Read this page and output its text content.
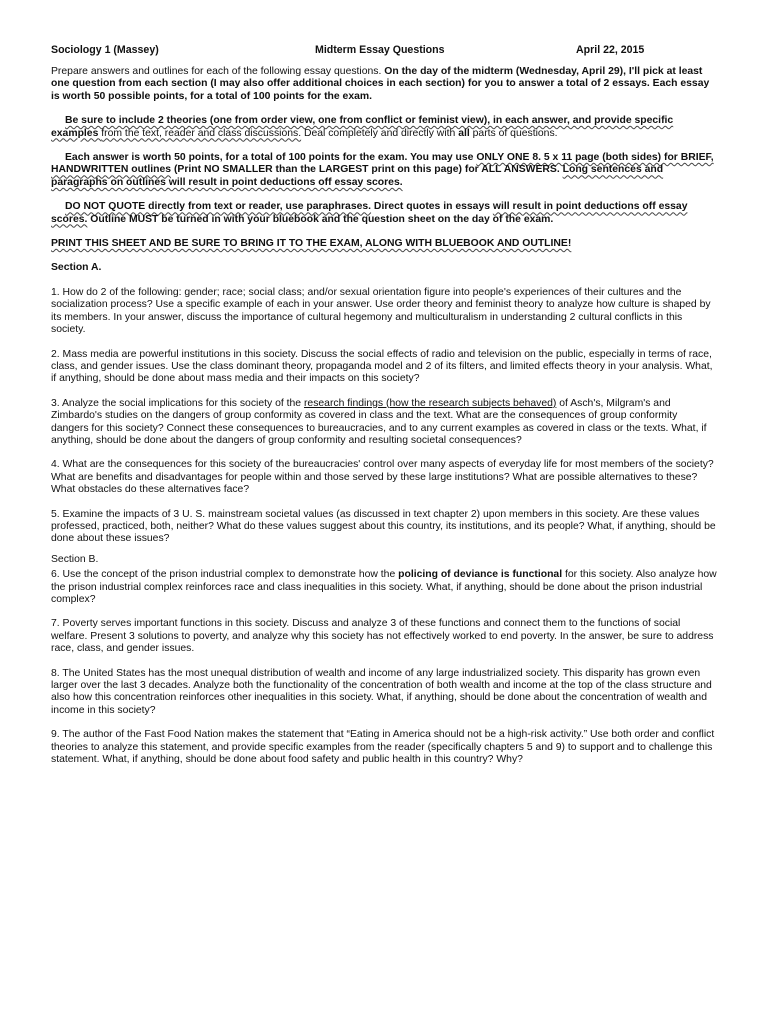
Sociology 1 (Massey)	Midterm Essay Questions	April 22, 2015

Prepare answers and outlines for each of the following essay questions. On the day of the midterm (Wednesday, April 29), I'll pick at least one question from each section (I may also offer additional choices in each section) for you to answer a total of 2 essays. Each essay is worth 50 possible points, for a total of 100 points for the exam.

Be sure to include 2 theories (one from order view, one from conflict or feminist view), in each answer, and provide specific examples from the text, reader and class discussions. Deal completely and directly with all parts of questions.

Each answer is worth 50 points, for a total of 100 points for the exam. You may use ONLY ONE 8. 5 x 11 page (both sides) for BRIEF, HANDWRITTEN outlines (Print NO SMALLER than the LARGEST print on this page) for ALL ANSWERS. Long sentences and paragraphs on outlines will result in point deductions off essay scores.

DO NOT QUOTE directly from text or reader, use paraphrases. Direct quotes in essays will result in point deductions off essay scores. Outline MUST be turned in with your bluebook and the question sheet on the day of the exam.

PRINT THIS SHEET AND BE SURE TO BRING IT TO THE EXAM, ALONG WITH BLUEBOOK AND OUTLINE!

Section A.

1. How do 2 of the following: gender; race; social class; and/or sexual orientation figure into people's experiences of their cultures and the socialization process? Use a specific example of each in your answer. Use order theory and feminist theory to analyze how culture is shaped by its members. In your answer, discuss the importance of cultural hegemony and multiculturalism in understanding 2 cultural conflicts in this society.

2. Mass media are powerful institutions in this society. Discuss the social effects of radio and television on the public, especially in terms of race, class, and gender issues. Use the class dominant theory, propaganda model and 2 of its filters, and limited effects theory in your analysis. What, if anything, should be done about mass media and their impacts on this society?

3. Analyze the social implications for this society of the research findings (how the research subjects behaved) of Asch's, Milgram's and Zimbardo's studies on the dangers of group conformity as covered in class and the text. What are the consequences of group conformity dangers for this society? Connect these consequences to bureaucracies, and to any current examples as covered in class or the texts. What, if anything, should be done about the dangers of group conformity and resulting societal consequences?

4. What are the consequences for this society of the bureaucracies' control over many aspects of everyday life for most members of the society? What are benefits and disadvantages for people within and those served by these large institutions? What are possible alternatives to these? What obstacles do these alternatives face?

5. Examine the impacts of 3 U. S. mainstream societal values (as discussed in text chapter 2) upon members in this society. Are these values professed, practiced, both, neither? What do these values suggest about this country, its institutions, and its people? What, if anything, should be done about these issues?

Section B.

6. Use the concept of the prison industrial complex to demonstrate how the policing of deviance is functional for this society. Also analyze how the prison industrial complex reinforces race and class inequalities in this society. What, if anything, should be done about the prison industrial complex?

7. Poverty serves important functions in this society. Discuss and analyze 3 of these functions and connect them to the functions of social welfare. Present 3 solutions to poverty, and analyze why this society has not effectively worked to end poverty. In the answer, be sure to address race, class, and gender issues.

8. The United States has the most unequal distribution of wealth and income of any large industrialized society. This disparity has grown even larger over the last 3 decades. Analyze both the functionality of the concentration of both wealth and income at the top of the class structure and also how this concentration reinforces other inequalities in this society. What, if anything, should be done about the concentration of wealth and income in this society?

9. The author of the Fast Food Nation makes the statement that “Eating in America should not be a high-risk activity.” Use both order and conflict theories to analyze this statement, and provide specific examples from the reader (specifically chapters 5 and 9) to support and to challenge this statement. What, if anything, should be done about food safety and public health in this country? Why?
